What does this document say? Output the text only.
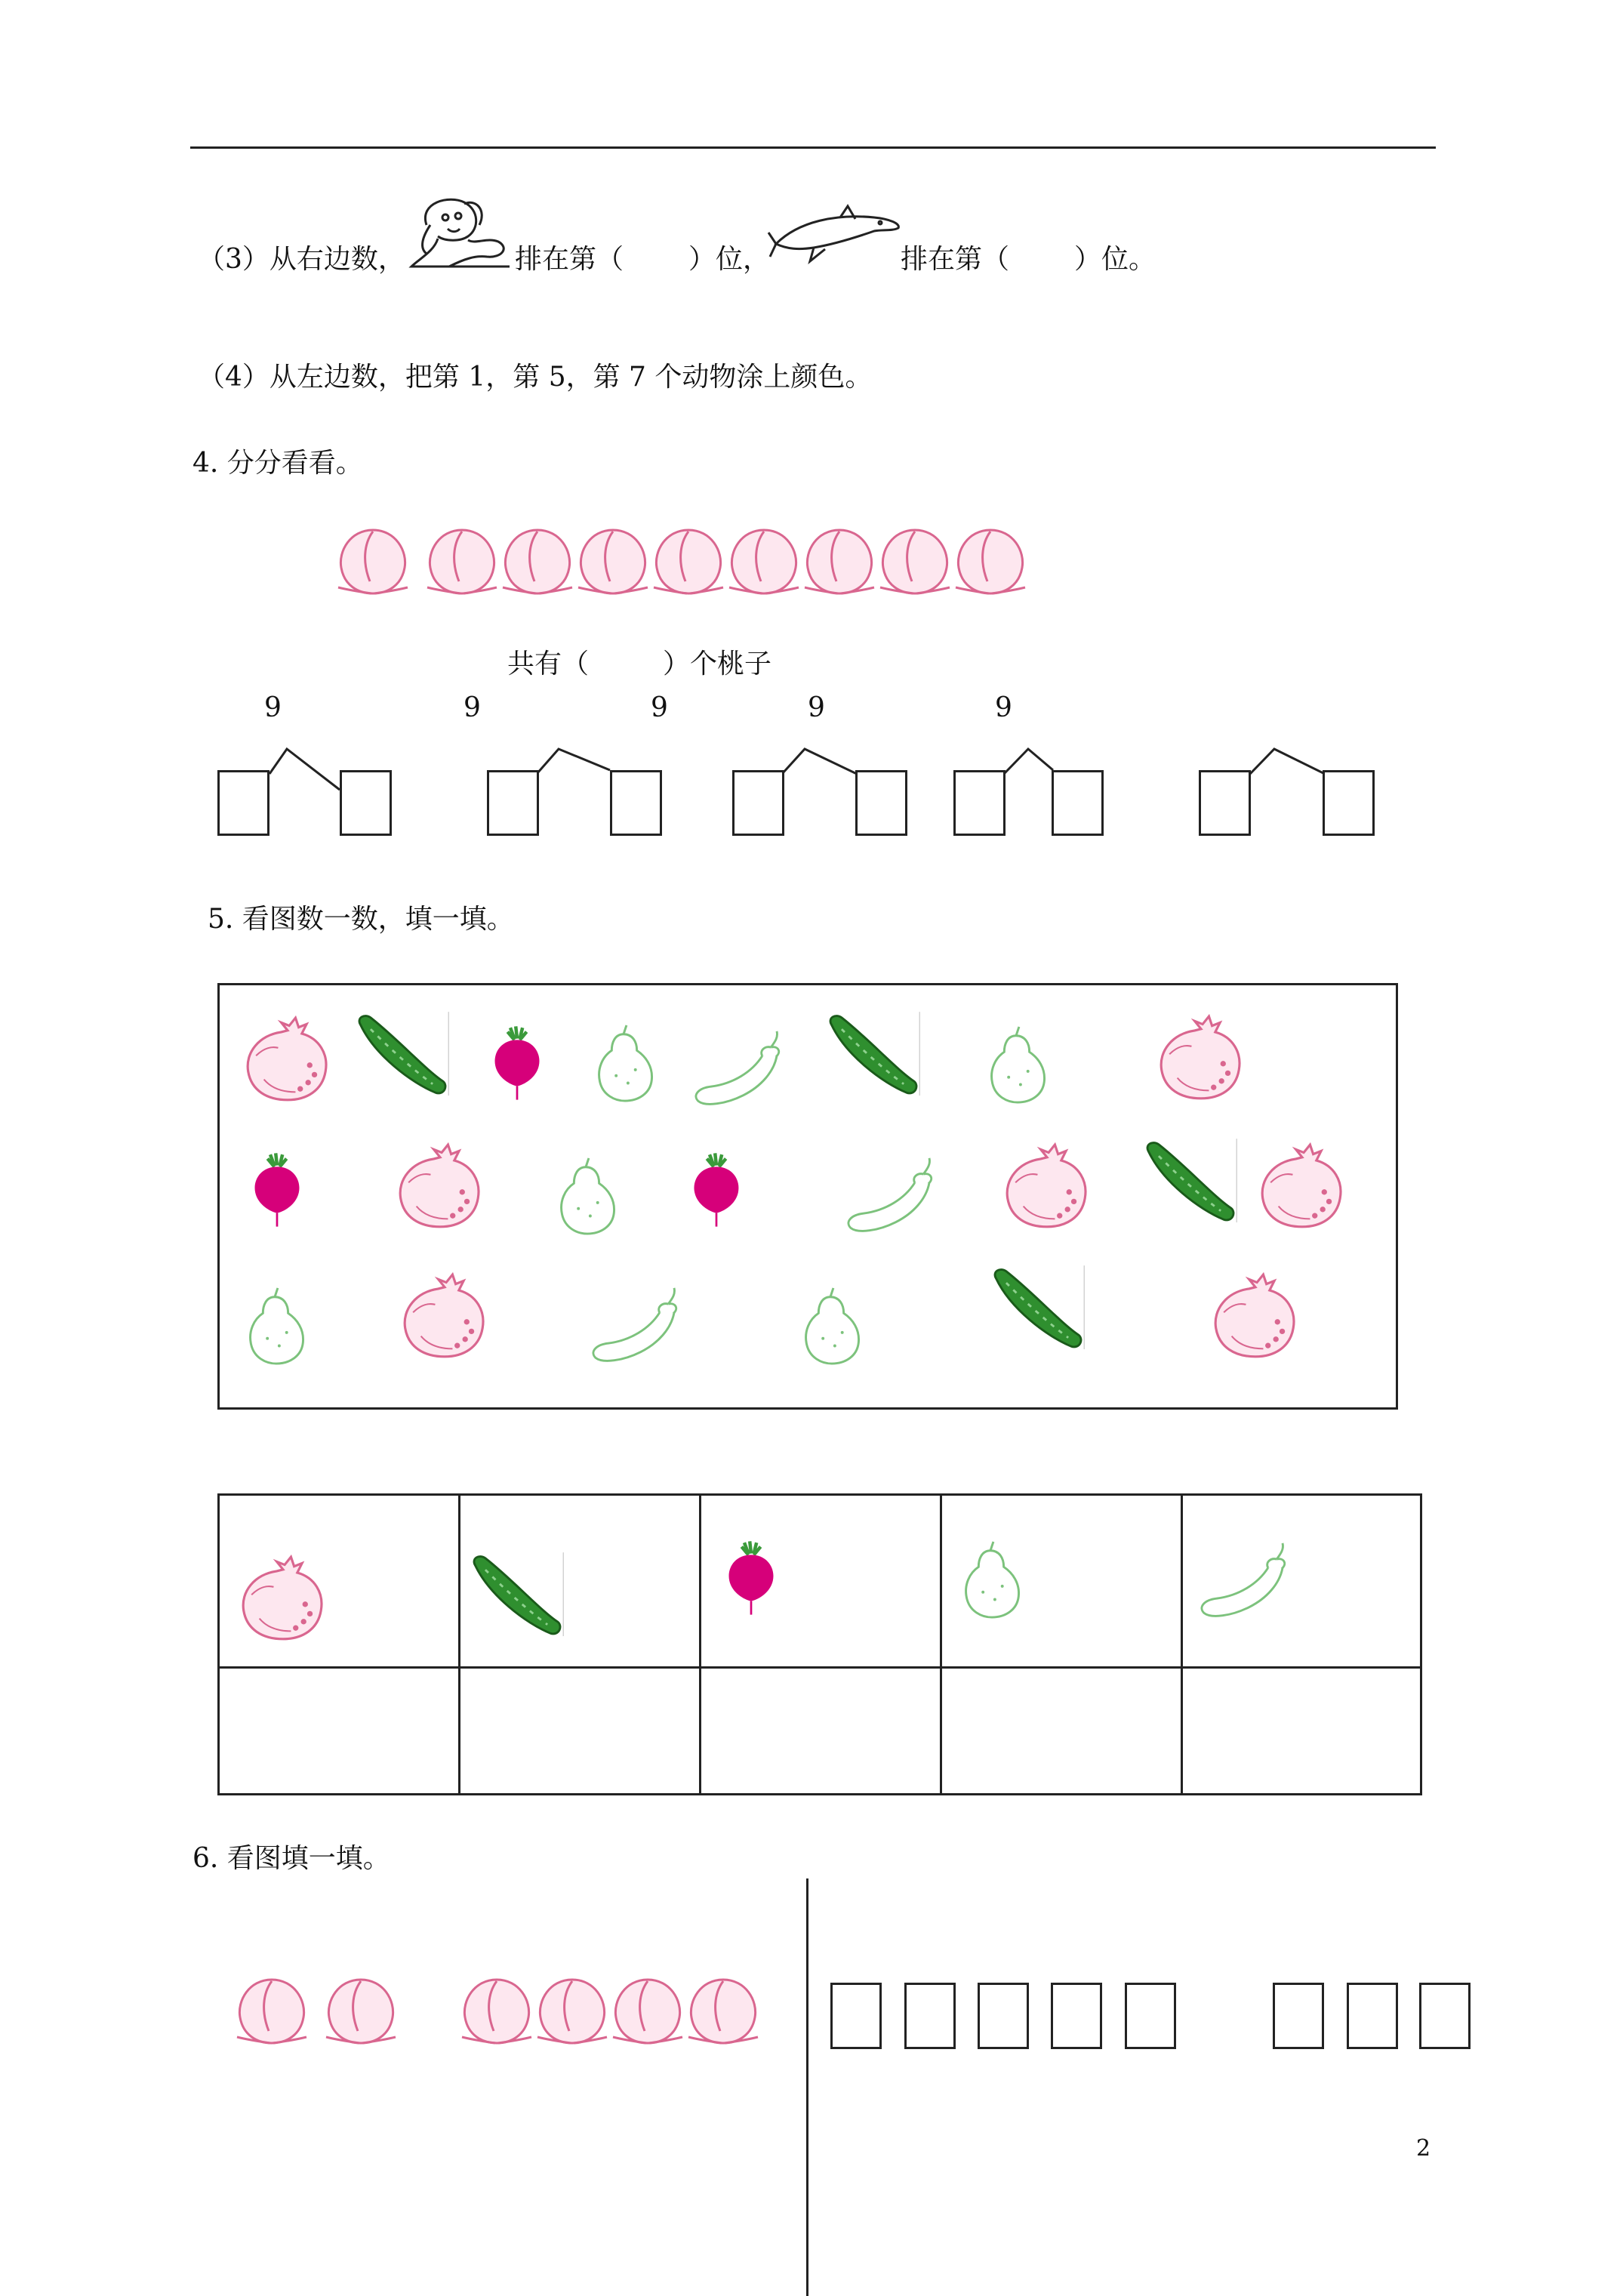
（3）从右边数，	排在第（ ）位，	排在第（ ）位。
（4）从左边数，把第 1，第 5，第 7 个动物涂上颜色。
4. 分分看看。
共有（	）个桃子
9	9	9	9	9
5. 看图数一数，填一填。
6. 看图填一填。
2
